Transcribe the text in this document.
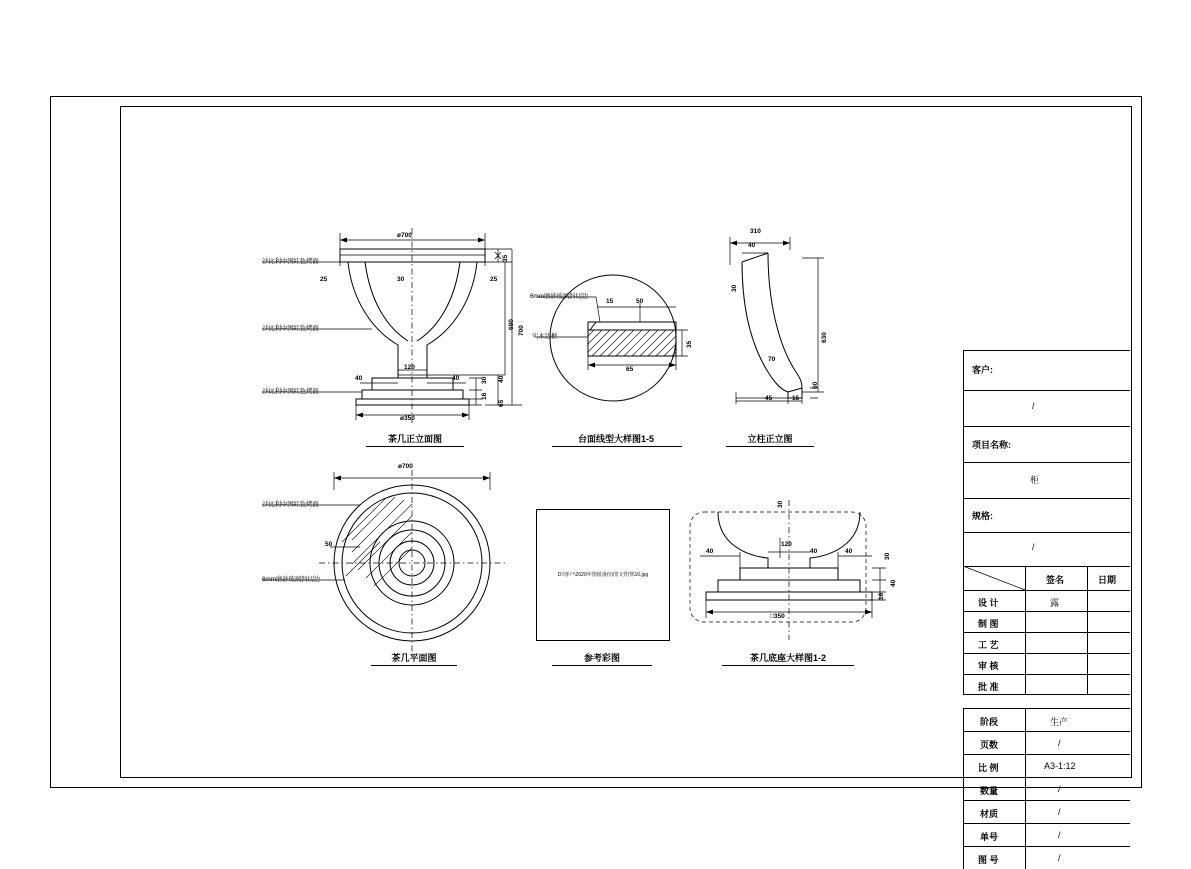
沙比利中国红色烤面
沙比利中国红色烤面
沙比利中国红色烤面
ø700
35
25	30	25
680
700
40
120
40	30 40
16
65
ø350
茶几正立面图
6mm磨砂玻璃斜切边
实木边框
15	50
35
65
台面线型大样图1-5
310
40
30
630
70
45	15
60
立柱正立图
沙比利中国红色烤面
6mm磨砂玻璃斜切边
ø700
50
茶几平面图
D:\客户\2020年图纸备份\图文件图\16.jpg
参考彩图
30
40
120
40	40
30
40
16
□350
茶几底座大样图1-2
客户:
/
项目名称:
柜
规格:
/
签名	日期
设 计	露
制 图
工 艺
审 核
批 准
阶段	生产
页数	/
比 例	A3-1:12
数量	/
材质	/
单号	/
图 号	/
